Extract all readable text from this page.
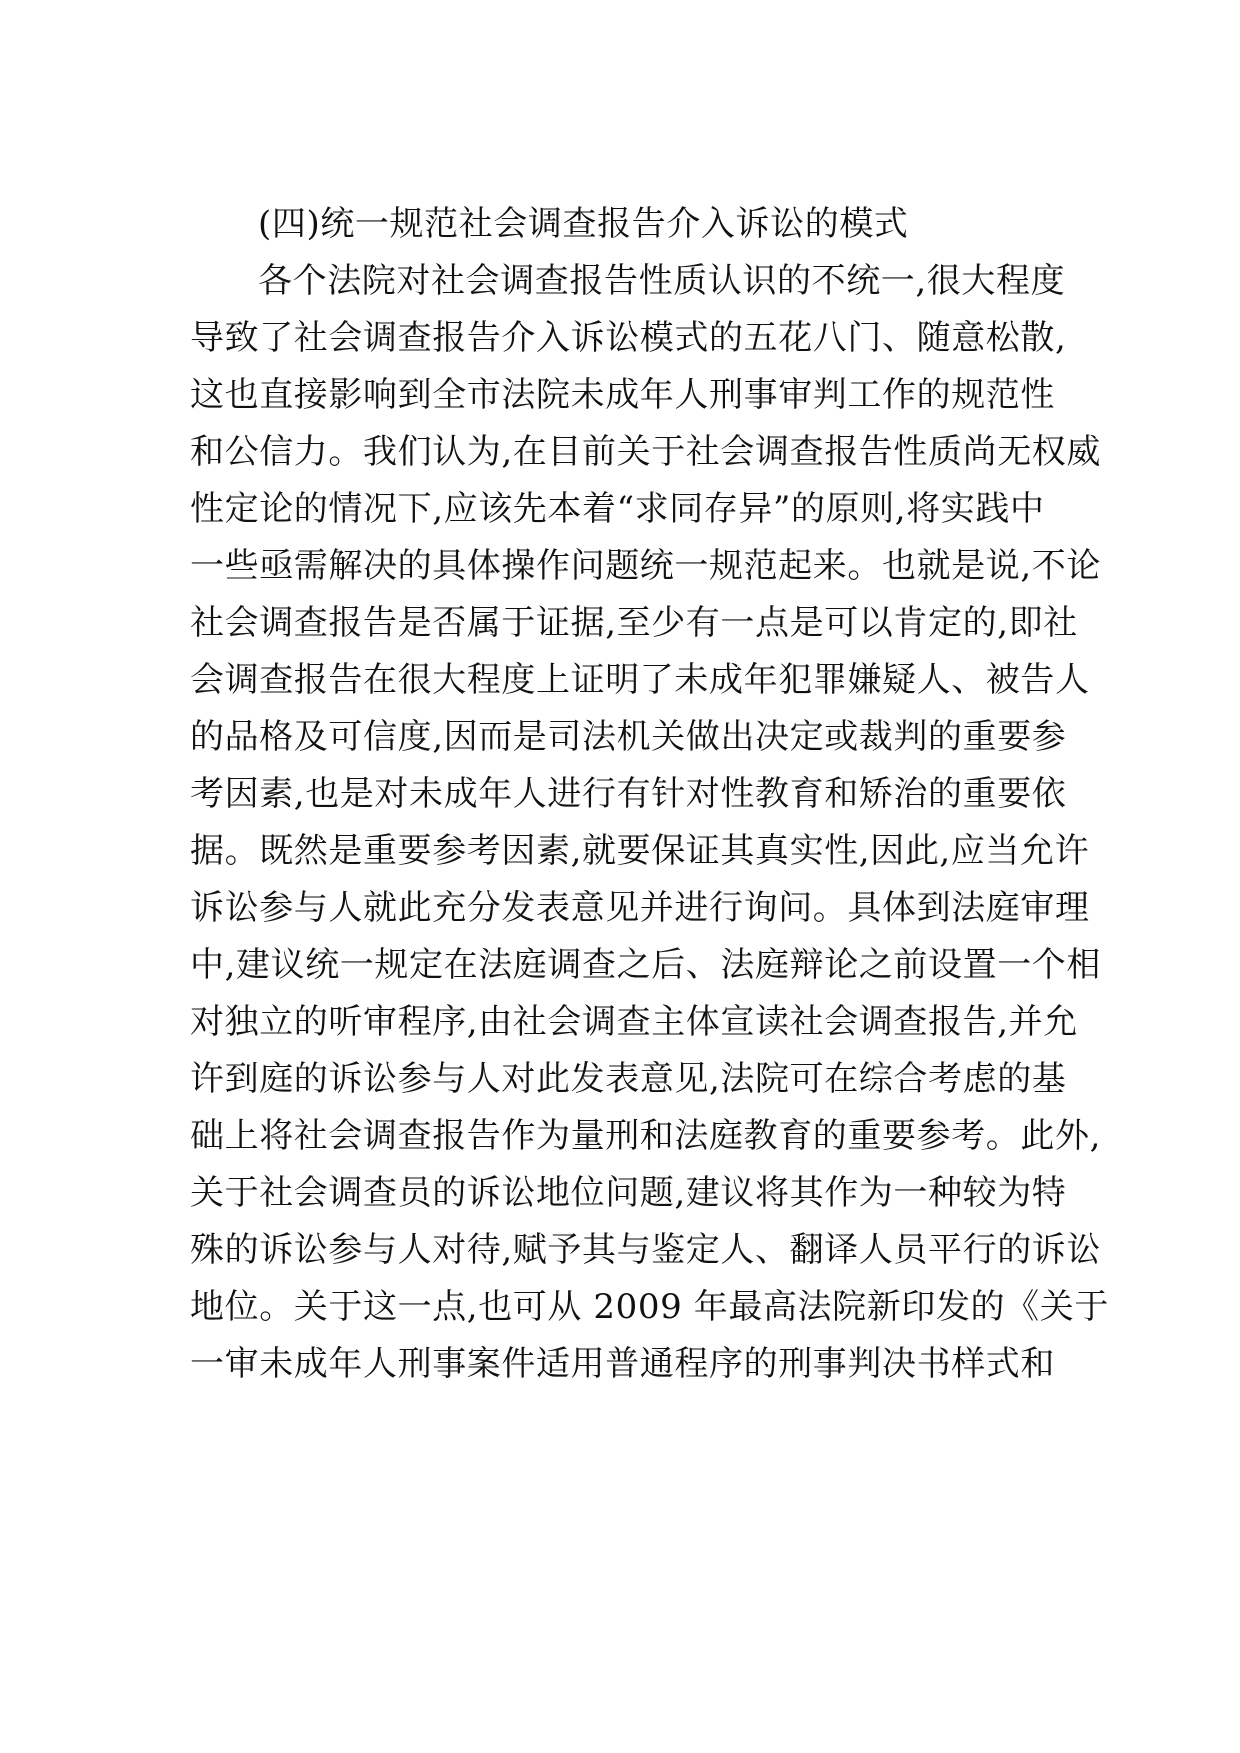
(四)统一规范社会调查报告介入诉讼的模式
各个法院对社会调查报告性质认识的不统一,很大程度
导致了社会调查报告介入诉讼模式的五花八门、随意松散,
这也直接影响到全市法院未成年人刑事审判工作的规范性
和公信力。我们认为,在目前关于社会调查报告性质尚无权威
性定论的情况下,应该先本着“求同存异”的原则,将实践中
一些亟需解决的具体操作问题统一规范起来。也就是说,不论
社会调查报告是否属于证据,至少有一点是可以肯定的,即社
会调查报告在很大程度上证明了未成年犯罪嫌疑人、被告人
的品格及可信度,因而是司法机关做出决定或裁判的重要参
考因素,也是对未成年人进行有针对性教育和矫治的重要依
据。既然是重要参考因素,就要保证其真实性,因此,应当允许
诉讼参与人就此充分发表意见并进行询问。具体到法庭审理
中,建议统一规定在法庭调查之后、法庭辩论之前设置一个相
对独立的听审程序,由社会调查主体宣读社会调查报告,并允
许到庭的诉讼参与人对此发表意见,法院可在综合考虑的基
础上将社会调查报告作为量刑和法庭教育的重要参考。此外,
关于社会调查员的诉讼地位问题,建议将其作为一种较为特
殊的诉讼参与人对待,赋予其与鉴定人、翻译人员平行的诉讼
地位。关于这一点,也可从 2009 年最高法院新印发的《关于
一审未成年人刑事案件适用普通程序的刑事判决书样式和
